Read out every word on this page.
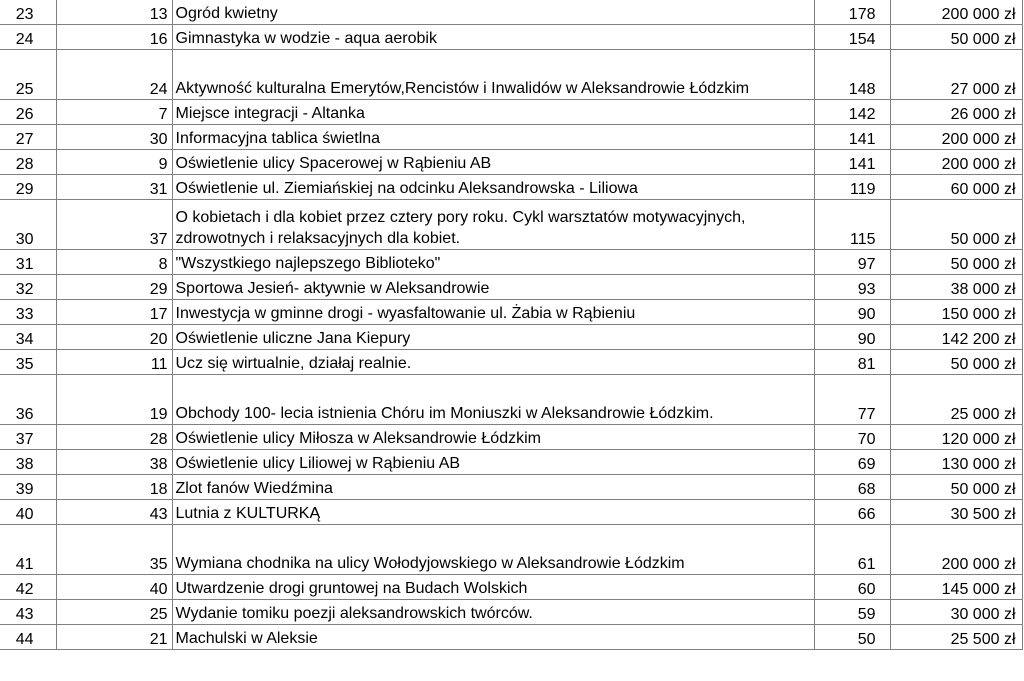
23	13	Ogród kwietny	178	200 000 zł
24	16	Gimnastyka w wodzie - aqua aerobik	154	50 000 zł
25	24	Aktywność kulturalna Emerytów,Rencistów i Inwalidów w Aleksandrowie Łódzkim	148	27 000 zł
26	7	Miejsce integracji - Altanka	142	26 000 zł
27	30	Informacyjna tablica świetlna	141	200 000 zł
28	9	Oświetlenie ulicy Spacerowej w Rąbieniu AB	141	200 000 zł
29	31	Oświetlenie ul. Ziemiańskiej na odcinku Aleksandrowska - Liliowa	119	60 000 zł
30	37	O kobietach i dla kobiet przez cztery pory roku. Cykl warsztatów motywacyjnych,              zdrowotnych i relaksacyjnych dla kobiet.	115	50 000 zł
31	8	"Wszystkiego najlepszego Biblioteko"	97	50 000 zł
32	29	Sportowa Jesień- aktywnie w Aleksandrowie	93	38 000 zł
33	17	Inwestycja w gminne drogi - wyasfaltowanie ul. Żabia w Rąbieniu	90	150 000 zł
34	20	Oświetlenie uliczne Jana Kiepury	90	142 200 zł
35	11	Ucz się wirtualnie, działaj realnie.	81	50 000 zł
36	19	Obchody 100- lecia istnienia Chóru im Moniuszki w Aleksandrowie Łódzkim.	77	25 000 zł
37	28	Oświetlenie ulicy Miłosza w Aleksandrowie Łódzkim	70	120 000 zł
38	38	Oświetlenie ulicy Liliowej w Rąbieniu AB	69	130 000 zł
39	18	Zlot fanów Wiedźmina	68	50 000 zł
40	43	Lutnia z KULTURKĄ	66	30 500 zł
41	35	Wymiana chodnika na ulicy Wołodyjowskiego w Aleksandrowie Łódzkim	61	200 000 zł
42	40	Utwardzenie drogi gruntowej na Budach Wolskich	60	145 000 zł
43	25	Wydanie tomiku poezji aleksandrowskich twórców.	59	30 000 zł
44	21	Machulski w Aleksie	50	25 500 zł
